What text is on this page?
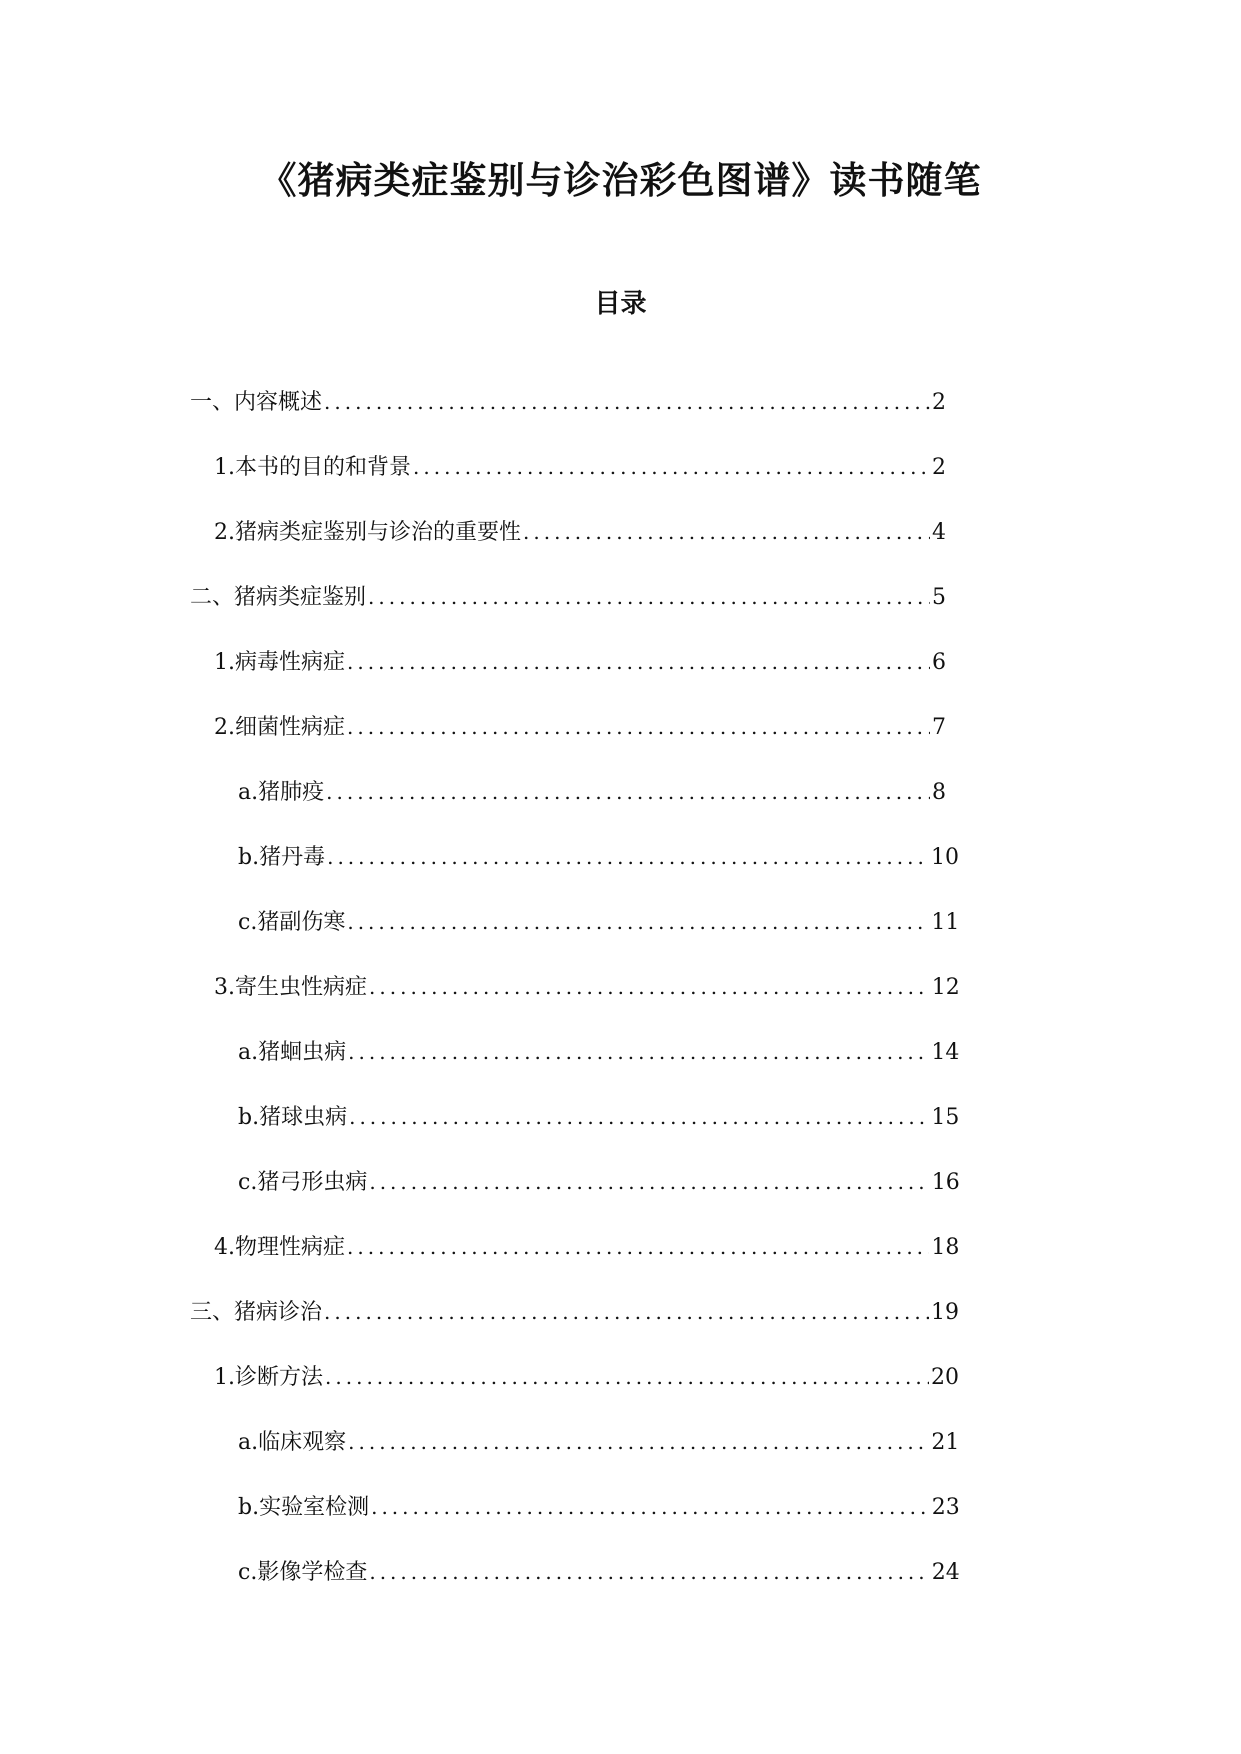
《猪病类症鉴别与诊治彩色图谱》读书随笔
目录
一、 内容概述 .....	2
1. 本书的目的和背景 .....	2
2. 猪病类症鉴别与诊治的重要性 .....	4
二、 猪病类症鉴别 .....	5
1. 病毒性病症 .....	6
2. 细菌性病症 .....	7
a. 猪肺疫 .....	8
b. 猪丹毒 .....	10
c. 猪副伤寒 .....	11
3. 寄生虫性病症 .....	12
a. 猪蛔虫病 .....	14
b. 猪球虫病 .....	15
c. 猪弓形虫病 .....	16
4. 物理性病症 .....	18
三、 猪病诊治 .....	19
1. 诊断方法 .....	20
a. 临床观察 .....	21
b. 实验室检测 .....	23
c. 影像学检查 .....	24
